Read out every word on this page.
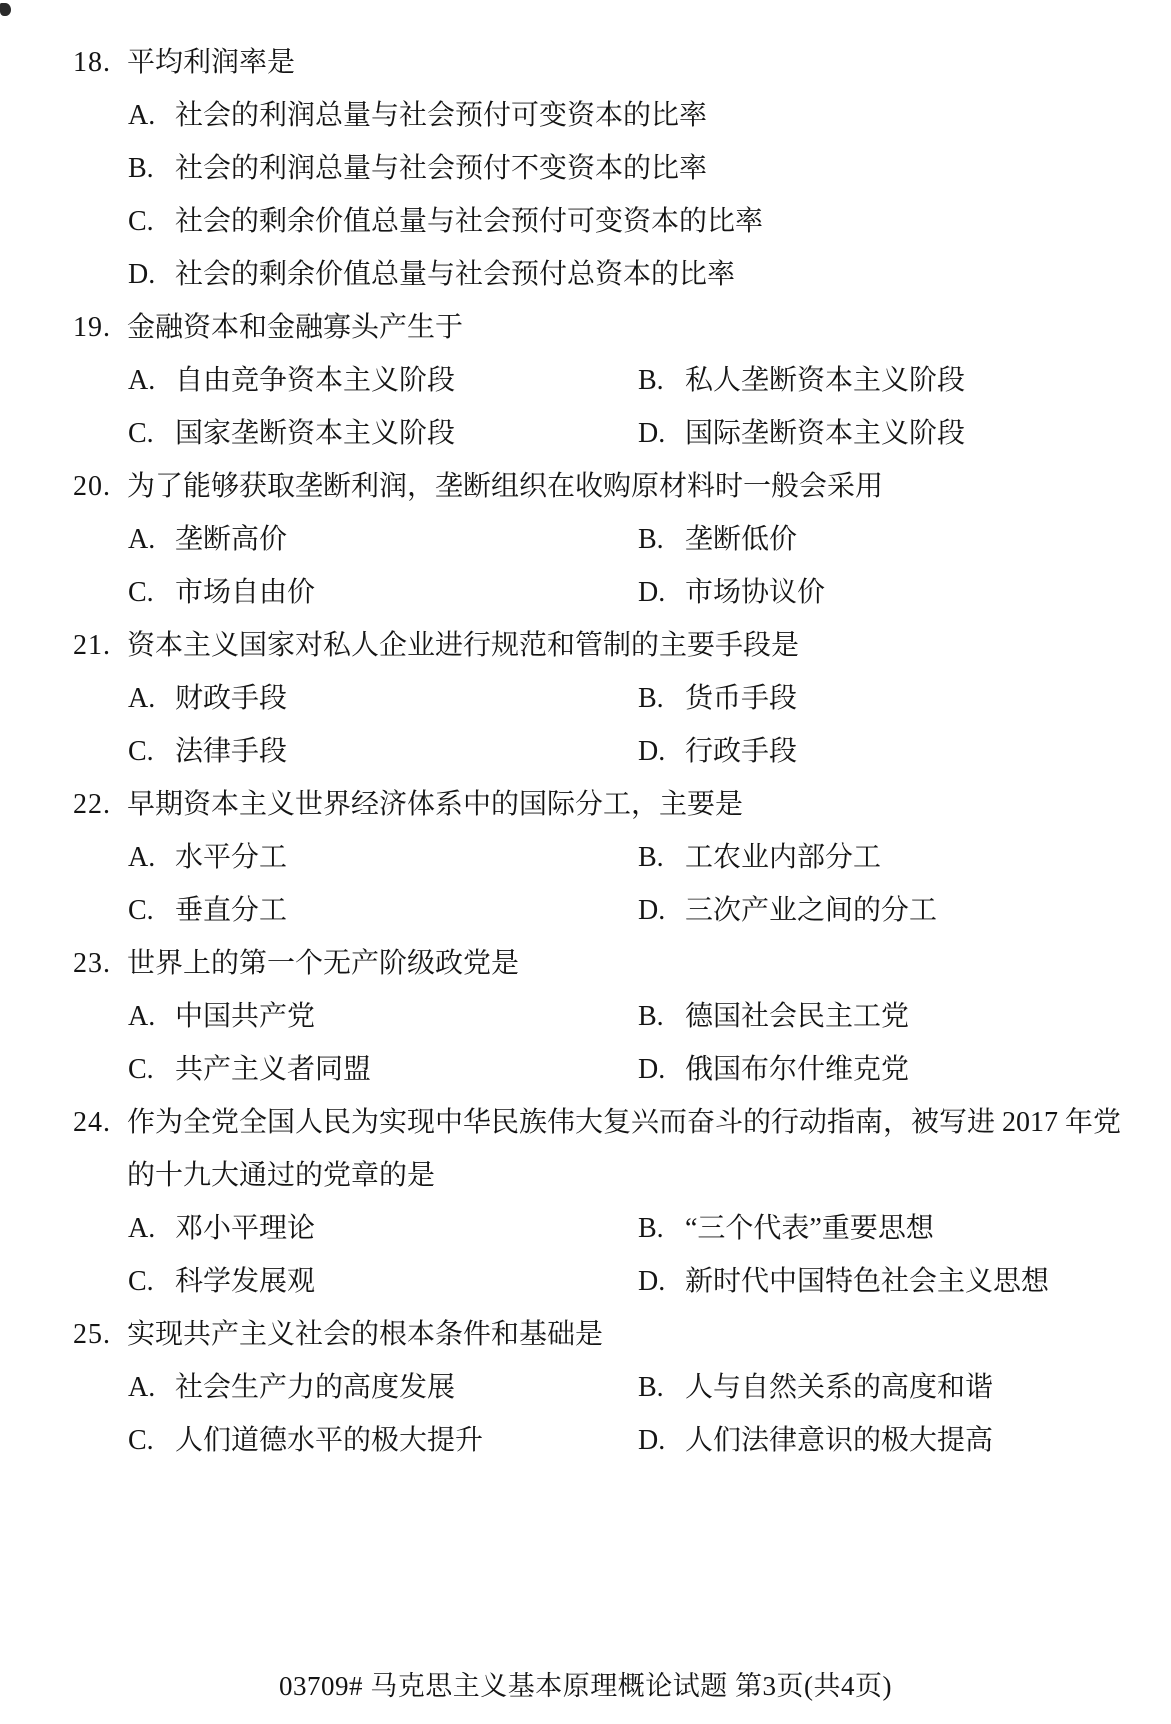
18. 平均利润率是
A. 社会的利润总量与社会预付可变资本的比率
B. 社会的利润总量与社会预付不变资本的比率
C. 社会的剩余价值总量与社会预付可变资本的比率
D. 社会的剩余价值总量与社会预付总资本的比率
19. 金融资本和金融寡头产生于
A. 自由竞争资本主义阶段	B. 私人垄断资本主义阶段
C. 国家垄断资本主义阶段	D. 国际垄断资本主义阶段
20. 为了能够获取垄断利润，垄断组织在收购原材料时一般会采用
A. 垄断高价	B. 垄断低价
C. 市场自由价	D. 市场协议价
21. 资本主义国家对私人企业进行规范和管制的主要手段是
A. 财政手段	B. 货币手段
C. 法律手段	D. 行政手段
22. 早期资本主义世界经济体系中的国际分工，主要是
A. 水平分工	B. 工农业内部分工
C. 垂直分工	D. 三次产业之间的分工
23. 世界上的第一个无产阶级政党是
A. 中国共产党	B. 德国社会民主工党
C. 共产主义者同盟	D. 俄国布尔什维克党
24. 作为全党全国人民为实现中华民族伟大复兴而奋斗的行动指南，被写进 2017 年党
的十九大通过的党章的是
A. 邓小平理论	B. “三个代表”重要思想
C. 科学发展观	D. 新时代中国特色社会主义思想
25. 实现共产主义社会的根本条件和基础是
A. 社会生产力的高度发展	B. 人与自然关系的高度和谐
C. 人们道德水平的极大提升	D. 人们法律意识的极大提高
03709# 马克思主义基本原理概论试题 第3页(共4页)
